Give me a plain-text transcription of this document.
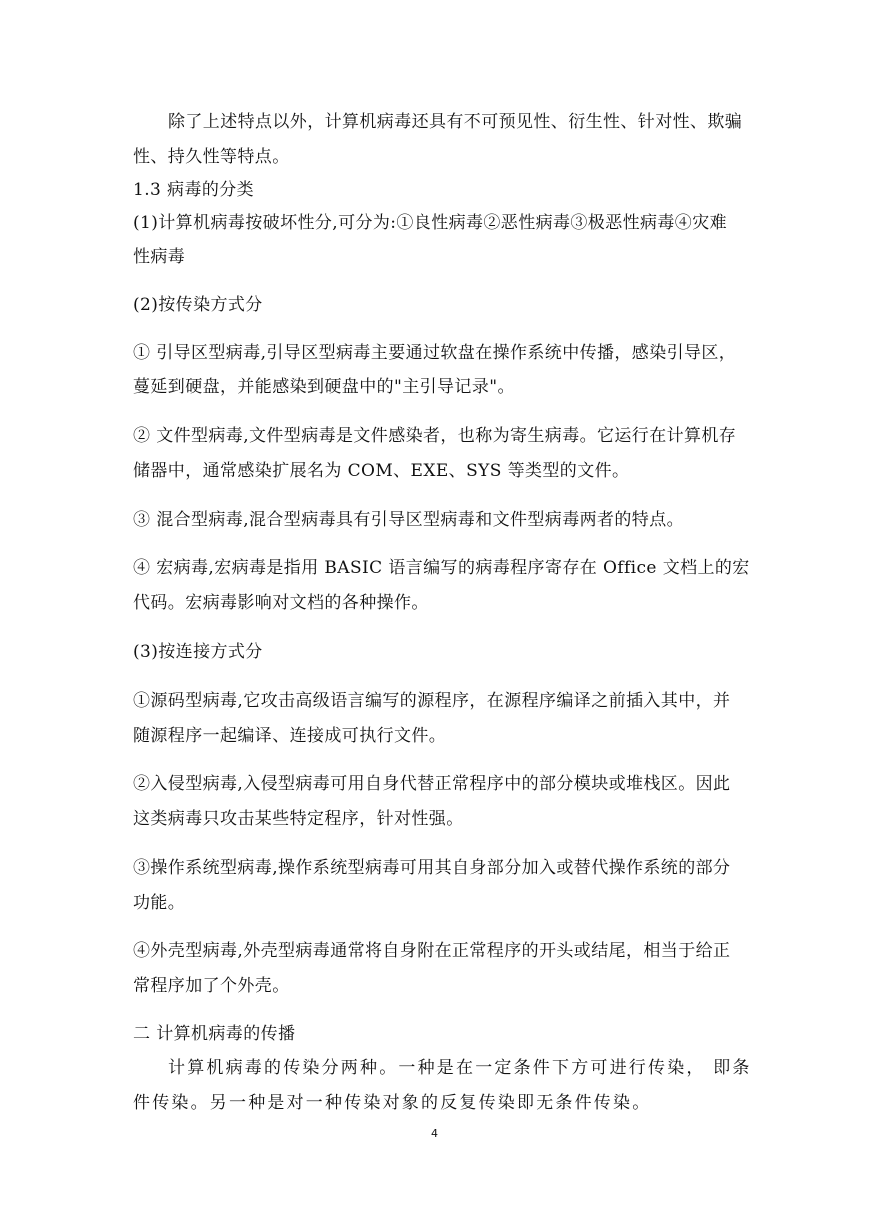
除了上述特点以外，计算机病毒还具有不可预见性、衍生性、针对性、欺骗
性、持久性等特点。
1.3 病毒的分类
(1)计算机病毒按破坏性分,可分为:①良性病毒②恶性病毒③极恶性病毒④灾难
性病毒
(2)按传染方式分
① 引导区型病毒,引导区型病毒主要通过软盘在操作系统中传播，感染引导区，
蔓延到硬盘，并能感染到硬盘中的"主引导记录"。
② 文件型病毒,文件型病毒是文件感染者，也称为寄生病毒。它运行在计算机存
储器中，通常感染扩展名为 COM、EXE、SYS 等类型的文件。
③ 混合型病毒,混合型病毒具有引导区型病毒和文件型病毒两者的特点。
④ 宏病毒,宏病毒是指用 BASIC 语言编写的病毒程序寄存在 Office 文档上的宏
代码。宏病毒影响对文档的各种操作。
(3)按连接方式分
①源码型病毒,它攻击高级语言编写的源程序，在源程序编译之前插入其中，并
随源程序一起编译、连接成可执行文件。
②入侵型病毒,入侵型病毒可用自身代替正常程序中的部分模块或堆栈区。因此
这类病毒只攻击某些特定程序，针对性强。
③操作系统型病毒,操作系统型病毒可用其自身部分加入或替代操作系统的部分
功能。
④外壳型病毒,外壳型病毒通常将自身附在正常程序的开头或结尾，相当于给正
常程序加了个外壳。
二 计算机病毒的传播
计算机病毒的传染分两种。一种是在一定条件下方可进行传染， 即条
件传染。另一种是对一种传染对象的反复传染即无条件传染。
4
